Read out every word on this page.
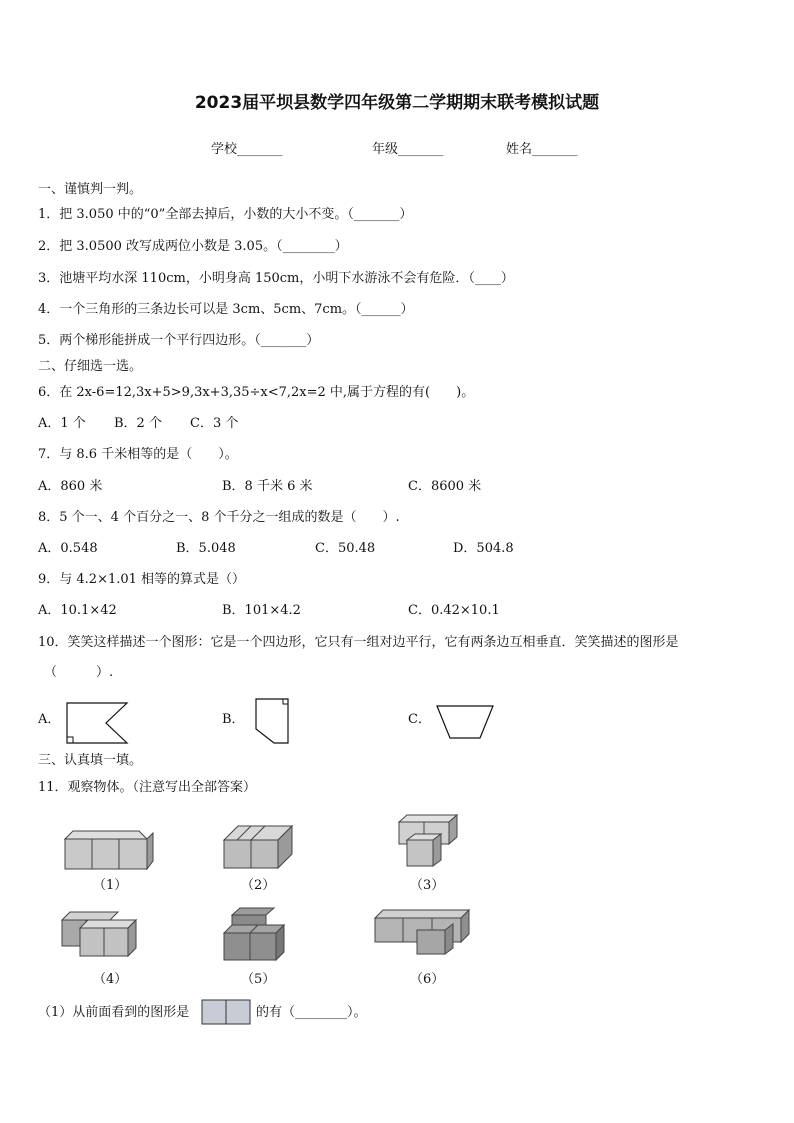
2023届平坝县数学四年级第二学期期末联考模拟试题
学校_______	年级_______	姓名_______
一、谨慎判一判。
1．把 3.050 中的“0”全部去掉后，小数的大小不变。（_______）
2．把 3.0500 改写成两位小数是 3.05。（________）
3．池塘平均水深 110cm，小明身高 150cm，小明下水游泳不会有危险．（____）
4．一个三角形的三条边长可以是 3cm、5cm、7cm。（______）
5．两个梯形能拼成一个平行四边形。（_______）
二、仔细选一选。
6．在 2x-6=12,3x+5>9,3x+3,35÷x<7,2x=2 中,属于方程的有(　　)。
A．1 个 B．2 个 C．3 个
7．与 8.6 千米相等的是（　　）。
A．860 米	B．8 千米 6 米	C．8600 米
8．5 个一、4 个百分之一、8 个千分之一组成的数是（　　）.
A．0.548	B．5.048	C．50.48	D．504.8
9．与 4.2×1.01 相等的算式是（）
A．10.1×42	B．101×4.2	C．0.42×10.1
10．笑笑这样描述一个图形：它是一个四边形，它只有一组对边平行，它有两条边互相垂直．笑笑描述的图形是
（　　　）.
A．	B．	C．
三、认真填一填。
11．观察物体。（注意写出全部答案）
（1）	（2）	（3）
（4）	（5）	（6）
（1）从前面看到的图形是	的有（________）。
